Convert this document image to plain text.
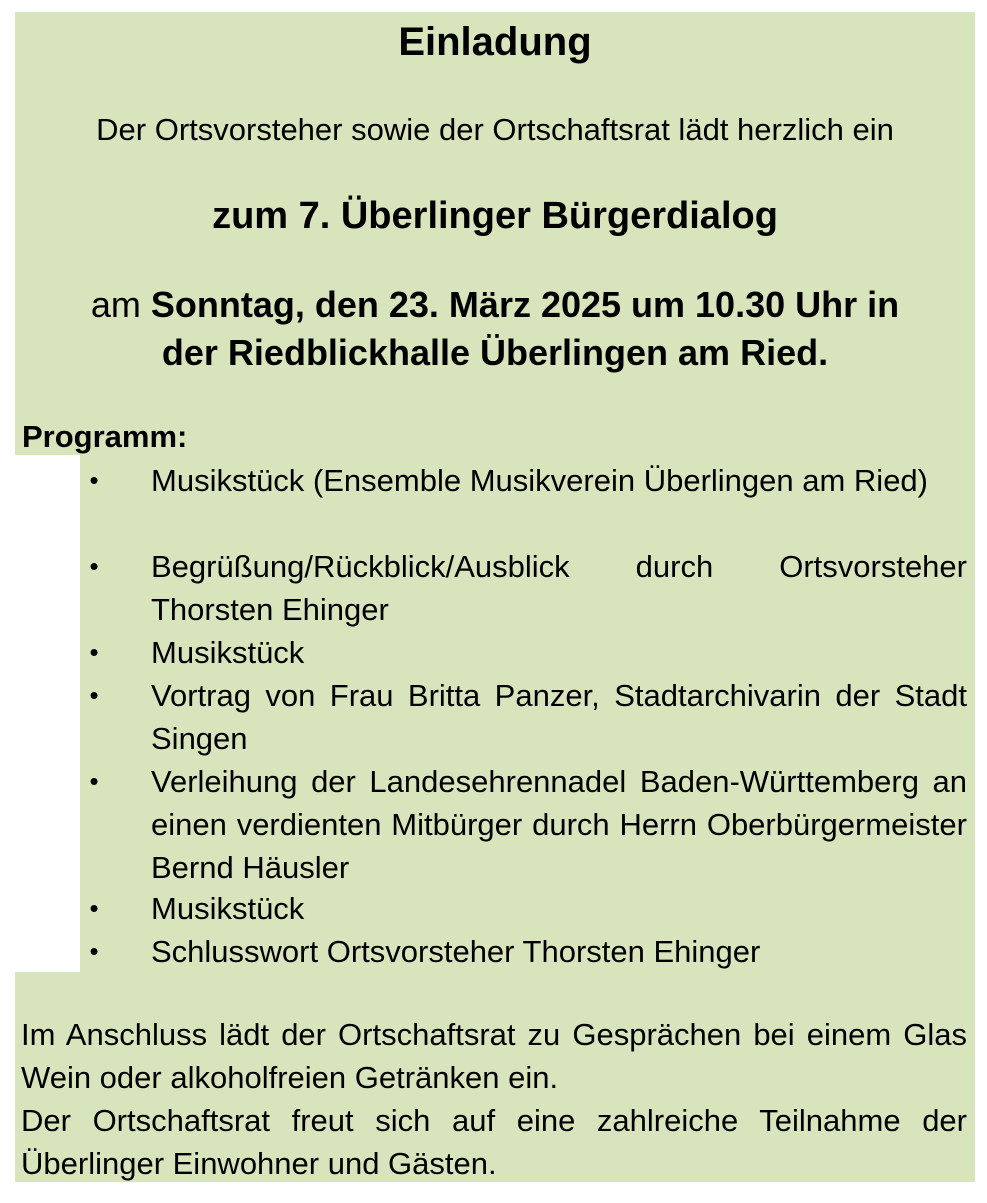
Einladung

Der Ortsvorsteher sowie der Ortschaftsrat lädt herzlich ein

zum 7. Überlinger Bürgerdialog

am Sonntag, den 23. März 2025 um 10.30 Uhr in

der Riedblickhalle Überlingen am Ried.

Programm:

•	Musikstück (Ensemble Musikverein Überlingen am Ried)
•	Begrüßung/Rückblick/Ausblick durch Ortsvorsteher Thorsten Ehinger
•	Musikstück
•	Vortrag von Frau Britta Panzer, Stadtarchivarin der Stadt Singen
•	Verleihung der Landesehrennadel Baden-Württemberg an einen verdienten Mitbürger durch Herrn Oberbürgermeister Bernd Häusler
•	Musikstück
•	Schlusswort Ortsvorsteher Thorsten Ehinger

Im Anschluss lädt der Ortschaftsrat zu Gesprächen bei einem Glas Wein oder alkoholfreien Getränken ein.

Der Ortschaftsrat freut sich auf eine zahlreiche Teilnahme der Überlinger Einwohner und Gästen.
